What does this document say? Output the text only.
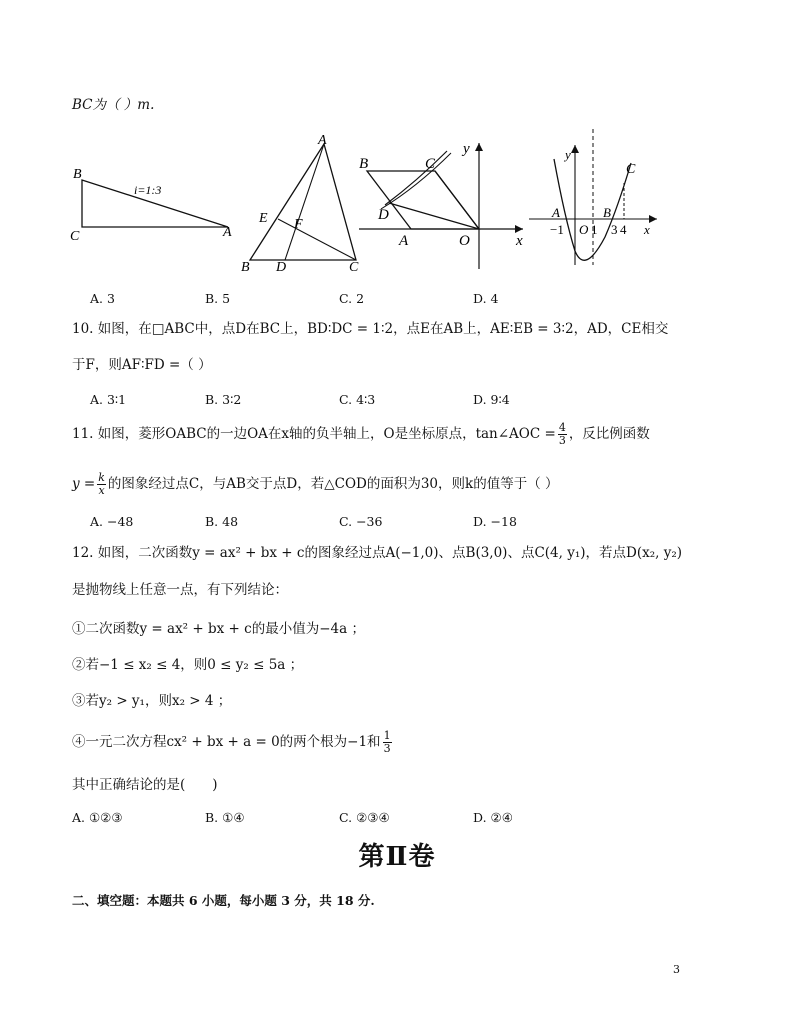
BC为（ ）m.
B
C	A
i=1:3
A
E F
B D	C
B	C
D
A	O	x
y	y
C
A	B
−1 O 1 3 4 x
A. 3	B. 5	C. 2	D. 4
10. 如图，在□ABC中，点D在BC上，BD∶DC = 1∶2，点E在AB上，AE∶EB = 3∶2，AD，CE相交
于F，则AF∶FD =（ ）
A. 3∶1	B. 3∶2	C. 4∶3	D. 9∶4
11. 如图，菱形OABC的一边OA在x轴的负半轴上，O是坐标原点，tan∠AOC = $\frac{4}{3}$ ，反比例函数
$y = \frac{k}{x}$ 的图象经过点C，与AB交于点D，若△COD的面积为30，则k的值等于（ ）
A. −48	B. 48	C. −36	D. −18
12. 如图，二次函数y = ax² + bx + c的图象经过点A(−1,0)、点B(3,0)、点C(4, y₁)，若点D(x₂, y₂)
是抛物线上任意一点，有下列结论：
①二次函数y = ax² + bx + c的最小值为−4a ；
②若−1 ≤ x₂ ≤ 4，则0 ≤ y₂ ≤ 5a ；
③若y₂ > y₁，则x₂ > 4 ；
④一元二次方程cx² + bx + a = 0的两个根为−1和 $\frac{1}{3}$
其中正确结论的是(　　)
A. ①②③	B. ①④	C. ②③④	D. ②④
第Ⅱ卷
二、填空题：本题共 6 小题，每小题 3 分，共 18 分.
3
